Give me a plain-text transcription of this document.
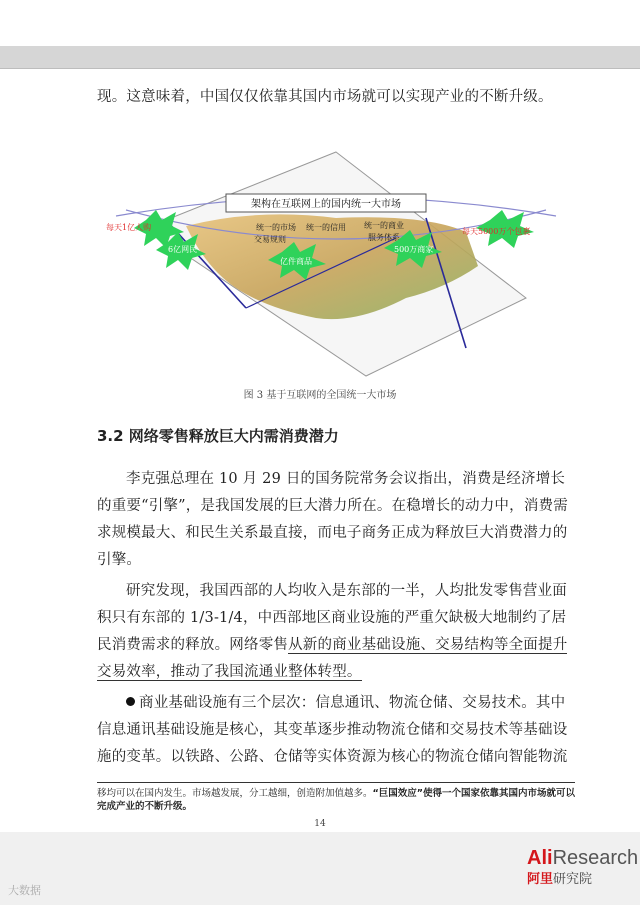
现。这意味着，中国仅仅依靠其国内市场就可以实现产业的不断升级。
架构在互联网上的国内统一大市场
统一的市场
交易规则
统一的信用 统一的商业
服务体系
每天1亿人购
6亿网民
亿件商品
500万商家
每天5000万个包裹
图 3 基于互联网的全国统一大市场
3.2 网络零售释放巨大内需消费潜力
李克强总理在 10 月 29 日的国务院常务会议指出，消费是经济增长的重要“引擎”，是我国发展的巨大潜力所在。在稳增长的动力中，消费需求规模最大、和民生关系最直接，而电子商务正成为释放巨大消费潜力的引擎。
研究发现，我国西部的人均收入是东部的一半，人均批发零售营业面积只有东部的 1/3-1/4，中西部地区商业设施的严重欠缺极大地制约了居民消费需求的释放。网络零售从新的商业基础设施、交易结构等全面提升交易效率，推动了我国流通业整体转型。
商业基础设施有三个层次：信息通讯、物流仓储、交易技术。其中信息通讯基础设施是核心，其变革逐步推动物流仓储和交易技术等基础设施的变革。以铁路、公路、仓储等实体资源为核心的物流仓储向智能物流
移均可以在国内发生。市场越发展，分工越细，创造附加值越多。“巨国效应”使得一个国家依靠其国内市场就可以完成产业的不断升级。
14
AliResearch
阿里研究院
大数据
